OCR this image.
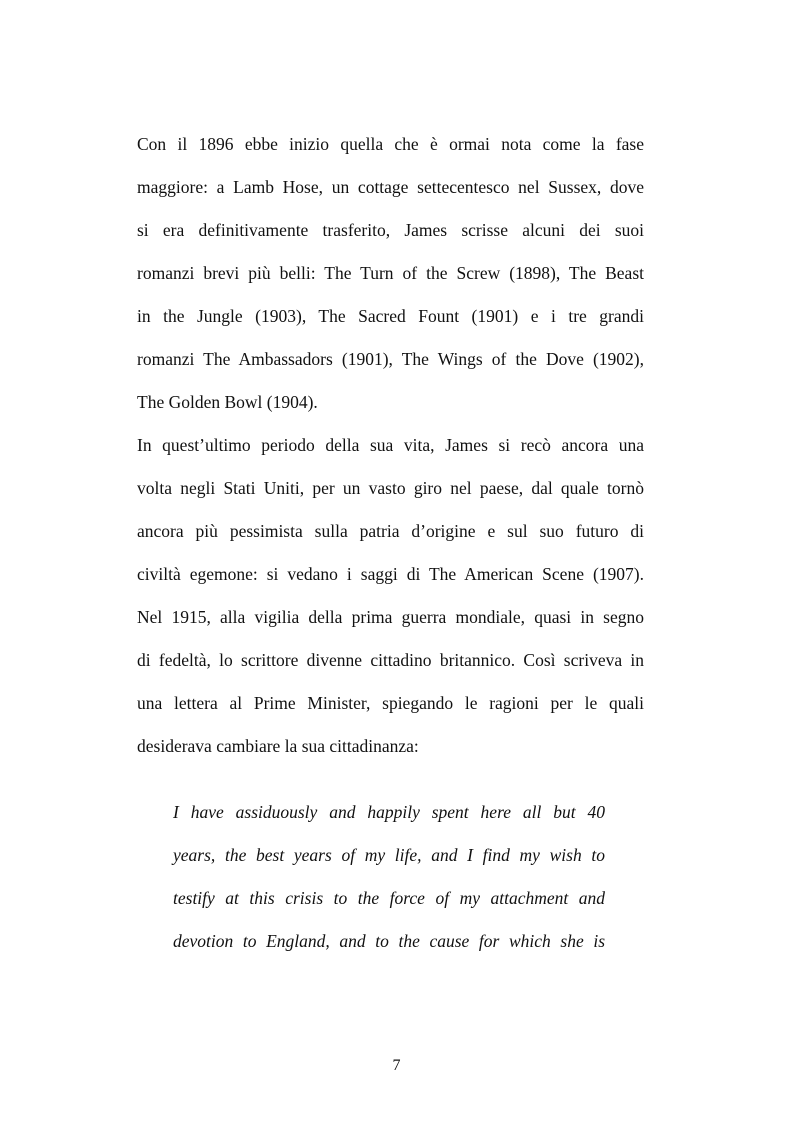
Con il 1896 ebbe inizio quella che è ormai nota come la fase
maggiore: a Lamb Hose, un cottage settecentesco nel Sussex, dove
si era definitivamente trasferito, James scrisse alcuni dei suoi
romanzi brevi più belli: The Turn of the Screw (1898), The Beast
in the Jungle (1903), The Sacred Fount (1901) e i tre grandi
romanzi The Ambassadors (1901), The Wings of the Dove (1902),
The Golden Bowl (1904).
In quest’ultimo periodo della sua vita, James si recò ancora una
volta negli Stati Uniti, per un vasto giro nel paese, dal quale tornò
ancora più pessimista sulla patria d’origine e sul suo futuro di
civiltà egemone: si vedano i saggi di The American Scene (1907).
Nel 1915, alla vigilia della prima guerra mondiale, quasi in segno
di fedeltà, lo scrittore divenne cittadino britannico. Così scriveva in
una lettera al Prime Minister, spiegando le ragioni per le quali
desiderava cambiare la sua cittadinanza:
I have assiduously and happily spent here all but 40
years, the best years of my life, and I find my wish to
testify at this crisis to the force of my attachment and
devotion to England, and to the cause for which she is
7
